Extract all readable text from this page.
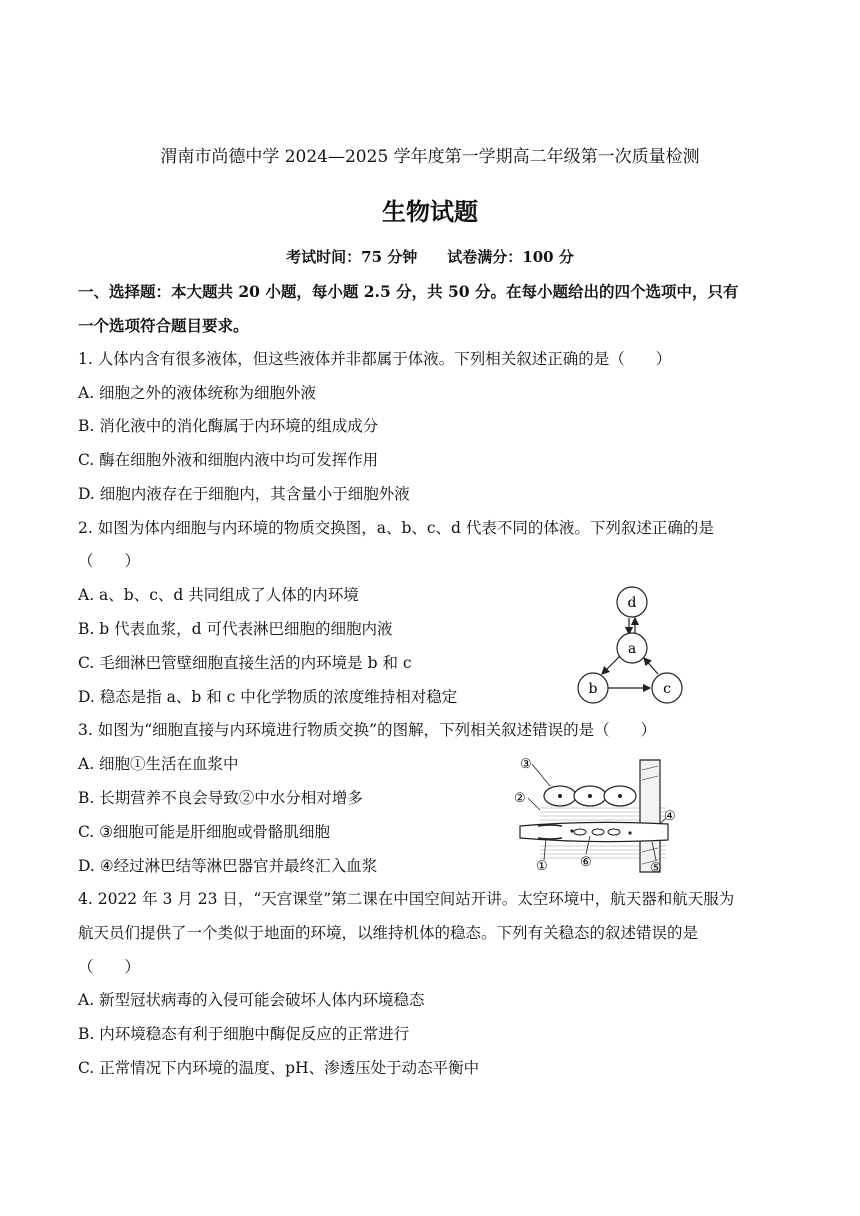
渭南市尚德中学 2024—2025 学年度第一学期高二年级第一次质量检测
生物试题
考试时间：75 分钟　　试卷满分：100 分
一、选择题：本大题共 20 小题，每小题 2.5 分，共 50 分。在每小题给出的四个选项中，只有
一个选项符合题目要求。
1. 人体内含有很多液体，但这些液体并非都属于体液。下列相关叙述正确的是（　　）
A. 细胞之外的液体统称为细胞外液
B. 消化液中的消化酶属于内环境的组成成分
C. 酶在细胞外液和细胞内液中均可发挥作用
D. 细胞内液存在于细胞内，其含量小于细胞外液
2. 如图为体内细胞与内环境的物质交换图，a、b、c、d 代表不同的体液。下列叙述正确的是
（　　）
A. a、b、c、d 共同组成了人体的内环境
B. b 代表血浆，d 可代表淋巴细胞的细胞内液
C. 毛细淋巴管壁细胞直接生活的内环境是 b 和 c
D. 稳态是指 a、b 和 c 中化学物质的浓度维持相对稳定
d
a
b	c
3. 如图为“细胞直接与内环境进行物质交换”的图解，下列相关叙述错误的是（　　）
A. 细胞①生活在血浆中
B. 长期营养不良会导致②中水分相对增多
C. ③细胞可能是肝细胞或骨骼肌细胞
D. ④经过淋巴结等淋巴器官并最终汇入血浆
③
②
④
⑤
① ⑥
4. 2022 年 3 月 23 日，“天宫课堂”第二课在中国空间站开讲。太空环境中，航天器和航天服为
航天员们提供了一个类似于地面的环境，以维持机体的稳态。下列有关稳态的叙述错误的是
（　　）
A. 新型冠状病毒的入侵可能会破坏人体内环境稳态
B. 内环境稳态有利于细胞中酶促反应的正常进行
C. 正常情况下内环境的温度、pH、渗透压处于动态平衡中
